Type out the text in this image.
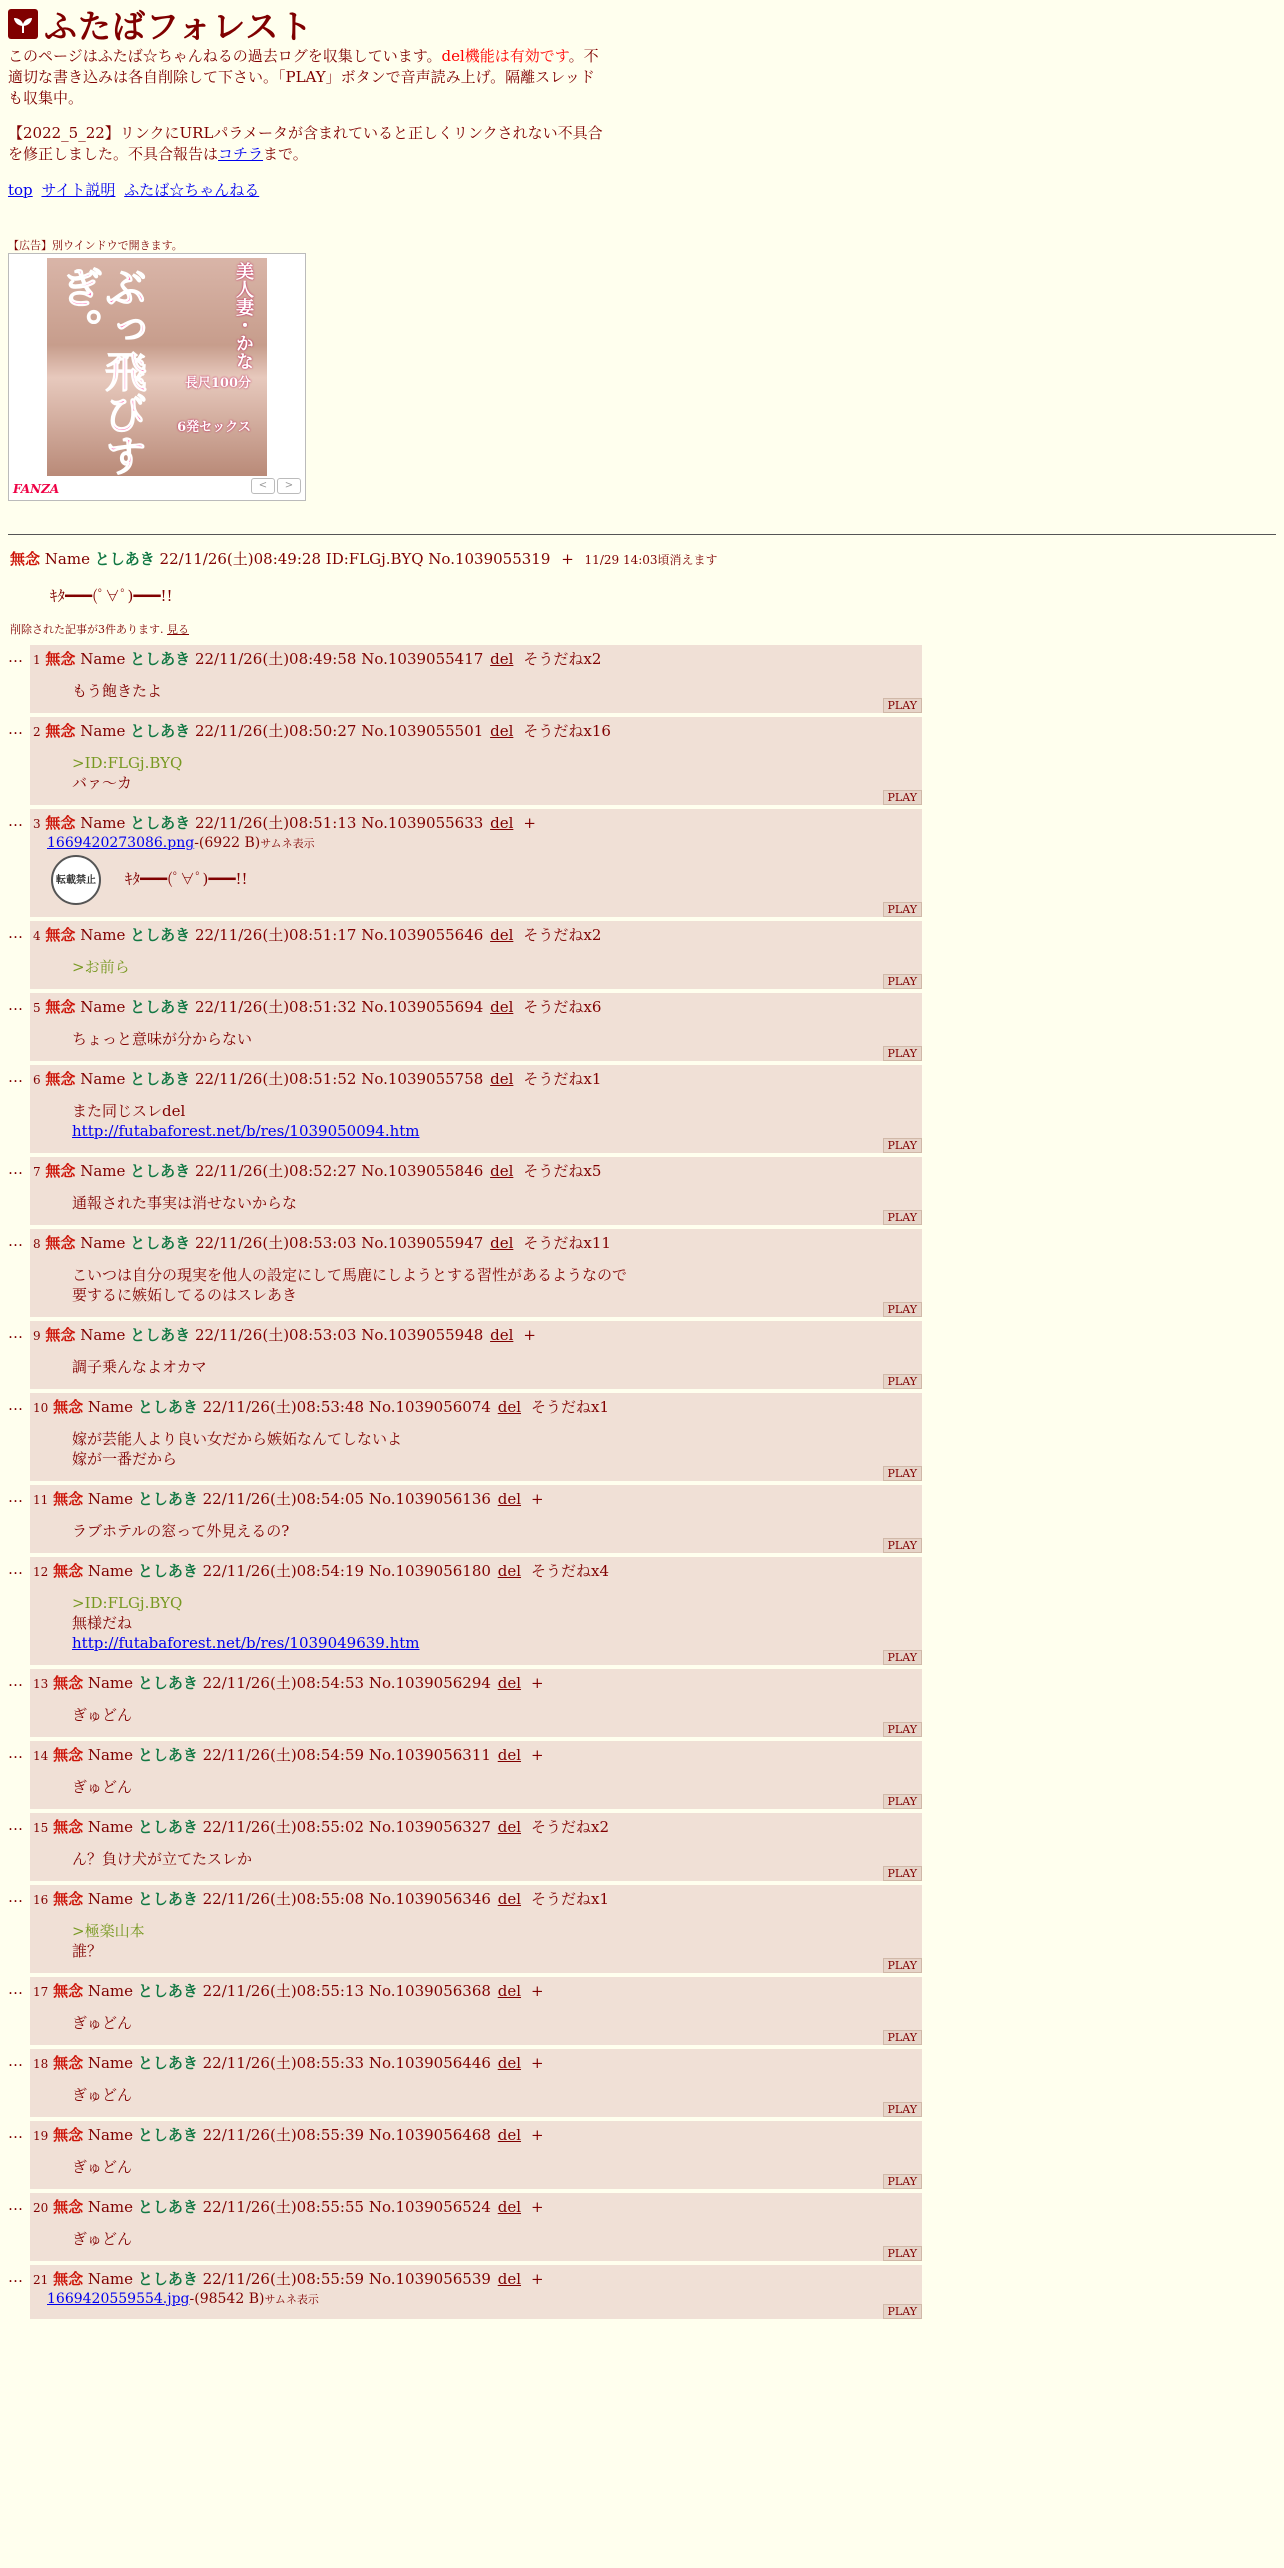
ふたばフォレスト
このページはふたば☆ちゃんねるの過去ログを収集しています。del機能は有効です。不適切な書き込みは各自削除して下さい。「PLAY」ボタンで音声読み上げ。隔離スレッドも収集中。
【2022_5_22】リンクにURLパラメータが含まれていると正しくリンクされない不具合を修正しました。不具合報告はコチラまで。
top サイト説明 ふたば☆ちゃんねる
【広告】別ウインドウで開きます。
ぶっ飛びすぎ。	美人妻・かな
長尺100分
6発セックス
FANZA	<	>
無念 Name としあき 22/11/26(土)08:49:28 ID:FLGj.BYQ No.1039055319 + 11/29 14:03頃消えます
ｷﾀ━━━(ﾟ∀ﾟ)━━━!!
削除された記事が3件あります. 見る
… 1 無念 Name としあき 22/11/26(土)08:49:58 No.1039055417 del そうだねx2
もう飽きたよ
PLAY
… 2 無念 Name としあき 22/11/26(土)08:50:27 No.1039055501 del そうだねx16
>ID:FLGj.BYQ
バァ〜カ
PLAY
… 3 無念 Name としあき 22/11/26(土)08:51:13 No.1039055633 del +
1669420273086.png-(6922 B)サムネ表示
転載禁止 ｷﾀ━━━(ﾟ∀ﾟ)━━━!!
PLAY
… 4 無念 Name としあき 22/11/26(土)08:51:17 No.1039055646 del そうだねx2
>お前ら
PLAY
… 5 無念 Name としあき 22/11/26(土)08:51:32 No.1039055694 del そうだねx6
ちょっと意味が分からない
PLAY
… 6 無念 Name としあき 22/11/26(土)08:51:52 No.1039055758 del そうだねx1
また同じスレdel
http://futabaforest.net/b/res/1039050094.htm
PLAY
… 7 無念 Name としあき 22/11/26(土)08:52:27 No.1039055846 del そうだねx5
通報された事実は消せないからな
PLAY
… 8 無念 Name としあき 22/11/26(土)08:53:03 No.1039055947 del そうだねx11
こいつは自分の現実を他人の設定にして馬鹿にしようとする習性があるようなので
要するに嫉妬してるのはスレあき
PLAY
… 9 無念 Name としあき 22/11/26(土)08:53:03 No.1039055948 del +
調子乗んなよオカマ
PLAY
… 10 無念 Name としあき 22/11/26(土)08:53:48 No.1039056074 del そうだねx1
嫁が芸能人より良い女だから嫉妬なんてしないよ
嫁が一番だから
PLAY
… 11 無念 Name としあき 22/11/26(土)08:54:05 No.1039056136 del +
ラブホテルの窓って外見えるの?
PLAY
… 12 無念 Name としあき 22/11/26(土)08:54:19 No.1039056180 del そうだねx4
>ID:FLGj.BYQ
無様だね
http://futabaforest.net/b/res/1039049639.htm
PLAY
… 13 無念 Name としあき 22/11/26(土)08:54:53 No.1039056294 del +
ぎゅどん
PLAY
… 14 無念 Name としあき 22/11/26(土)08:54:59 No.1039056311 del +
ぎゅどん
PLAY
… 15 無念 Name としあき 22/11/26(土)08:55:02 No.1039056327 del そうだねx2
ん？負け犬が立てたスレか
PLAY
… 16 無念 Name としあき 22/11/26(土)08:55:08 No.1039056346 del そうだねx1
>極楽山本
誰？
PLAY
… 17 無念 Name としあき 22/11/26(土)08:55:13 No.1039056368 del +
ぎゅどん
PLAY
… 18 無念 Name としあき 22/11/26(土)08:55:33 No.1039056446 del +
ぎゅどん
PLAY
… 19 無念 Name としあき 22/11/26(土)08:55:39 No.1039056468 del +
ぎゅどん
PLAY
… 20 無念 Name としあき 22/11/26(土)08:55:55 No.1039056524 del +
ぎゅどん
PLAY
… 21 無念 Name としあき 22/11/26(土)08:55:59 No.1039056539 del +
1669420559554.jpg-(98542 B)サムネ表示
PLAY
